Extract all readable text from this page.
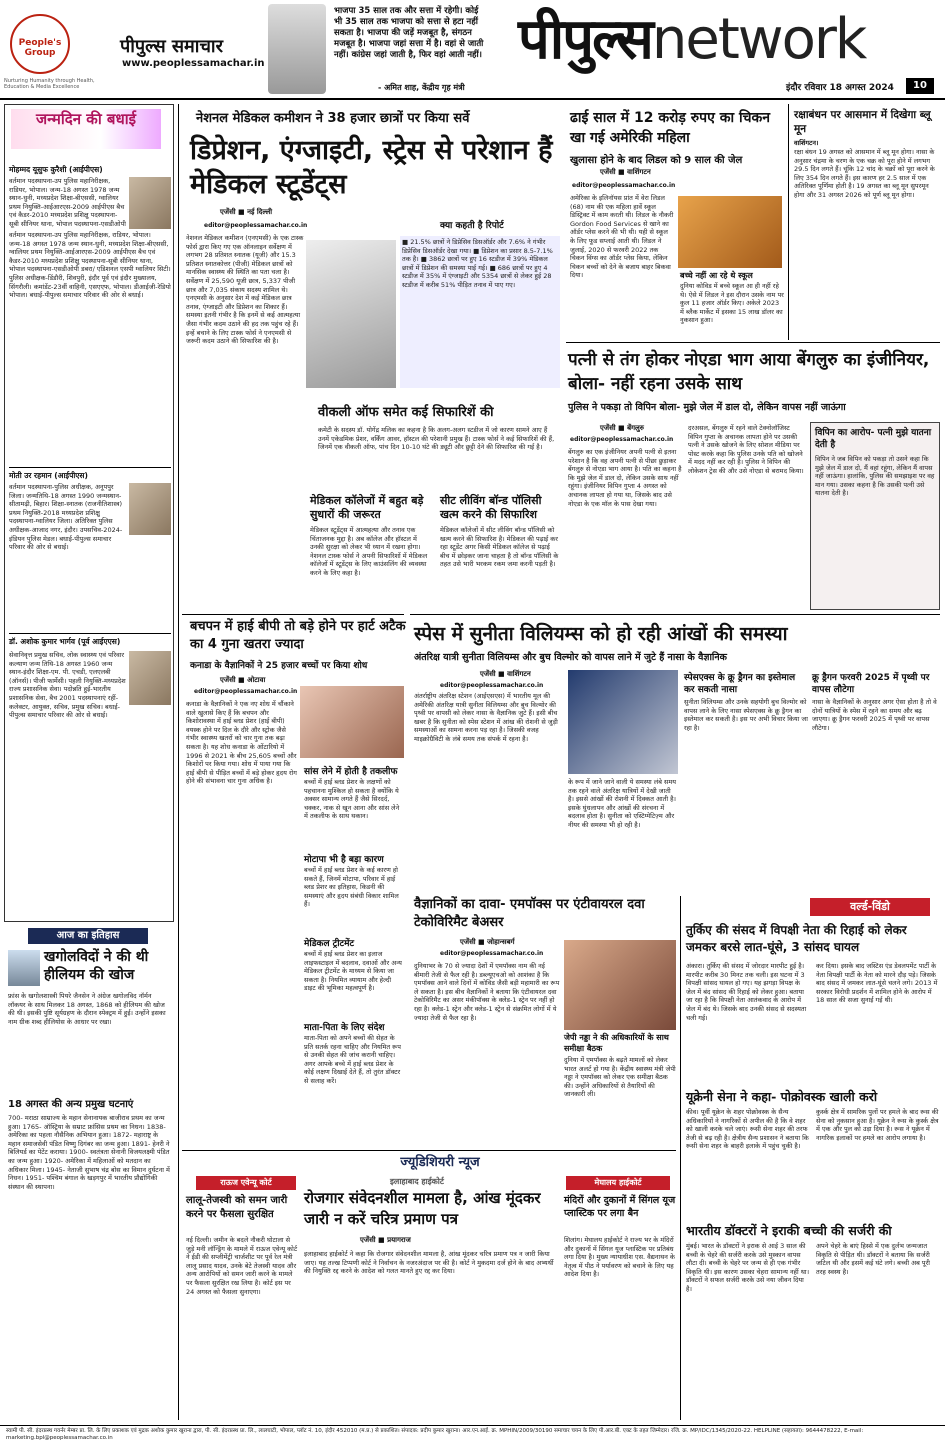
People's Group
Nurturing Humanity through Health, Education & Media Excellence
पीपुल्स समाचार
www.peoplessamachar.in
भाजपा 35 साल तक और सत्ता में रहेगी। कोई भी 35 साल तक भाजपा को सत्ता से हटा नहीं सकता है। भाजपा की जड़ें मजबूत है, संगठन मजबूत है। भाजपा जहां सत्ता में है। वहां से जाती नहीं। कांग्रेस जहां जाती है, फिर वहां आती नहीं।
- अमित शाह, केंद्रीय गृह मंत्री
पीपुल्सnetwork
इंदौर रविवार 18 अगस्त 2024	10
जन्मदिन की बधाई
मोहम्मद यूसुफ कुरैशी (आईपीएस)
वर्तमान पदस्थापना-उप पुलिस महानिरीक्षक, राडियर, भोपाल। जन्म-18 अगस्त 1978 जन्म स्थान-धुनी, मध्यप्रदेश शिक्षा-बीएससी, ग्वालियर प्रथम नियुक्ति-आईआरएस-2009 आईपीएस बैच एवं कैडर-2010 मध्यप्रदेश प्रशिक्षु पदस्थापना-सूबी सीनियर थाना, भोपाल पदस्थापना-एसडीओपी
वर्तमान पदस्थापना-उप पुलिस महानिरीक्षक, राडियर, भोपाल। जन्म-18 अगस्त 1978 जन्म स्थान-धुनी, मध्यप्रदेश शिक्षा-बीएससी, ग्वालियर प्रथम नियुक्ति-आईआरएस-2009 आईपीएस बैच एवं कैडर-2010 मध्यप्रदेश प्रशिक्षु पदस्थापना-सूबी सीनियर थाना, भोपाल पदस्थापना-एसडीओपी डबरा/ एडिशनल एसपी ग्वालियर सिटी। पुलिस अधीक्षक-डिंडौरी, शिवपुरी, इंदौर पूर्व एवं इंदौर मुख्यालय, सिंगरौली। कमांडेंट-23वीं वाहिनी, एसएएफ, भोपाल। डीआईजी-रेडियो भोपाल। बधाई-पीपुल्स समाचार परिवार की ओर से बधाई।
मोती उर रहमान (आईपीएस)
वर्तमान पदस्थापना-पुलिस अधीक्षक, अनूपपुर जिला। जन्मतिथि-18 अगस्त 1990 जन्मस्थान-सीतामढ़ी, बिहार। शिक्षा-स्नातक (राजनीतिशास्त्र) प्रथम नियुक्ति-2018 मध्यप्रदेश प्रशिक्षु पदस्थापना-ग्वालियर जिला। अतिरिक्त पुलिस अधीक्षक-आजाद नगर, इंदौर। उपसचिव-2024-इंडियन पुलिस मेडल। बधाई-पीपुल्स समाचार परिवार की ओर से बधाई।
डॉ. अशोक कुमार भार्गव (पूर्व आईएएस)
सेवानिवृत्त प्रमुख सचिव, लोक स्वास्थ्य एवं परिवार कल्याण जन्म तिथि-18 अगस्त 1960 जन्म स्थान-इंदौर शिक्षा-एम. पी. एचडी, एलएलबी (ऑनर्स)। पीजी फार्मेसी। पहली नियुक्ति-मध्यप्रदेश राज्य प्रशासनिक सेवा। पदोन्नति हुई-भारतीय प्रशासनिक सेवा, बैच 2001 पदस्थापनाएं रहीं-कलेक्टर, आयुक्त, सचिव, प्रमुख सचिव। बधाई-पीपुल्स समाचार परिवार की ओर से बधाई।
आज का इतिहास
खगोलविदों ने की थी हीलियम की खोज
फ्रांस के खगोलशास्त्री पियरे जैनसेन ने अंग्रेज खगोलविद नॉर्मन लॉकयर के साथ मिलकर 18 अगस्त, 1868 को हीलियम की खोज की थी। इसकी पुष्टि सूर्यग्रहण के दौरान स्पेक्ट्रम में हुई। उन्होंने इसका नाम ग्रीक शब्द हीलियोस के आधार पर रखा।
18 अगस्त की अन्य प्रमुख घटनाएं
700- मराठा साम्राज्य के महान सेनानायक बाजीराव प्रथम का जन्म हुआ। 1765- ऑस्ट्रिया के सम्राट फ्रांसिस प्रथम का निधन। 1838- अमेरिका का पहला नौसैनिक अभियान हुआ। 1872- महाराष्ट्र के महान समाजसेवी पंडित विष्णु दिगंबर का जन्म हुआ। 1891- हेनरी ने बिलियर्ड का पेटेंट कराया। 1900- स्वतंत्रता सेनानी विजयलक्ष्मी पंडित का जन्म हुआ। 1920- अमेरिका में महिलाओं को मतदान का अधिकार मिला। 1945- नेताजी सुभाष चंद्र बोस का विमान दुर्घटना में निधन। 1951- पश्चिम बंगाल के खड़गपुर में भारतीय प्रौद्योगिकी संस्थान की स्थापना।
नेशनल मेडिकल कमीशन ने 38 हजार छात्रों पर किया सर्वे
डिप्रेशन, एंग्जाइटी, स्ट्रेस से परेशान हैं मेडिकल स्टूडेंट्स
एजेंसी ■ नई दिल्ली
editor@peoplessamachar.co.in
नेशनल मेडिकल कमीशन (एनएमसी) के एक टास्क फोर्स द्वारा किए गए एक ऑनलाइन सर्वेक्षण में लगभग 28 प्रतिशत स्नातक (यूजी) और 15.3 प्रतिशत स्नातकोत्तर (पीजी) मेडिकल छात्रों को मानसिक स्वास्थ्य की स्थिति का पता चला है। सर्वेक्षण में 25,590 यूजी छात्र, 5,337 पीजी छात्र और 7,035 संकाय सदस्य शामिल थे। एनएमसी के अनुसार देश में कई मेडिकल छात्र तनाव, एंग्जाइटी और डिप्रेशन का शिकार हैं। समस्या इतनी गंभीर है कि इनमें से कई आत्महत्या जैसा गंभीर कदम उठाने की हद तक पहुंच रहे हैं। इन्हें बचाने के लिए टास्क फोर्स ने एनएमसी से जरूरी कदम उठाने की सिफारिश की है।
क्या कहती है रिपोर्ट
■ 21.5% छात्रों ने डिप्रेसिव डिसऑर्डर और 7.6% ने गंभीर डिप्रेसिव डिसऑर्डर देखा गया। ■ डिप्रेशन का प्रसार 8.5-7.1% तक है। ■ 3862 छात्रों पर हुए 16 स्टडीज में 39% मेडिकल छात्रों में डिप्रेशन की समस्या पाई गई। ■ 686 छात्रों पर हुए 4 स्टडीज में 35% में एंग्जाइटी और 5354 छात्रों से लेकर हुई 28 स्टडीज में करीब 51% पीड़ित तनाव में पाए गए।
वीकली ऑफ समेत कई सिफारिशें की
कमेटी के सदस्य डॉ. योगेंद्र मलिक का कहना है कि अलग-अलग स्टडीज में जो कारण सामने आए हैं उनमें एकेडमिक प्रेशर, वर्किंग आवर, हॉस्टल की परेशानी प्रमुख हैं। टास्क फोर्स ने कई सिफारिशें की हैं, जिनमें एक वीकली ऑफ, पांच दिन 10-10 घंटे की ड्यूटी और छुट्टी देने की सिफारिश की गई है।
मेडिकल कॉलेजों में बहुत बड़े सुधारों की जरूरत
मेडिकल स्टूडेंट्स में आत्महत्या और तनाव एक चिंताजनक मुद्दा है। अब कॉलेज और हॉस्टल में उनकी सुरक्षा को लेकर भी ध्यान में रखना होगा। नेशनल टास्क फोर्स ने अपनी सिफारिशों में मेडिकल कॉलेजों में स्टूडेंट्स के लिए काउंसलिंग की व्यवस्था करने के लिए कहा है।
सीट लीविंग बॉन्ड पॉलिसी खत्म करने की सिफारिश
मेडिकल कॉलेजों में सीट लीविंग बॉन्ड पॉलिसी को खत्म करने की सिफारिश है। मेडिकल की पढ़ाई कर रहा स्टूडेंट अगर किसी मेडिकल कॉलेज से पढ़ाई बीच में छोड़कर जाना चाहता है तो बॉन्ड पॉलिसी के तहत उसे भारी भरकम रकम जमा करनी पड़ती है।
ढाई साल में 12 करोड़ रुपए का चिकन खा गई अमेरिकी महिला
खुलासा होने के बाद लिडल को 9 साल की जेल
एजेंसी ■ वाशिंगटन
editor@peoplessamachar.co.in
अमेरिका के इलिनॉयस प्रांत में वेरा लिडल (68) नाम की एक महिला हार्वे स्कूल डिस्ट्रिक्ट में काम करती थी। लिडल के नौकरी Gordon Food Services से खाने का ऑर्डर प्लेस करने की भी थी। यही से स्कूल के लिए फूड सप्लाई आती थी। लिडल ने जुलाई, 2020 से फरवरी 2022 तक चिकन विंग्स का ऑर्डर प्लेस किया, लेकिन चिकन बच्चों को देने के बजाय बाहर बिकवा दिया।	बच्चे नहीं आ रहे थे स्कूल
दुनिया कोविड में बच्चे स्कूल आ ही नहीं रहे थे। ऐसे में लिडल ने इस दौरान उसके नाम पर कुल 11 हजार ऑर्डर किए। अकेले 2023 में ब्लैक मार्केट में इसका 15 लाख डॉलर का नुकसान हुआ।
रक्षाबंधन पर आसमान में दिखेगा ब्लू मून
वाशिंगटन।
रक्षा बंधन 19 अगस्त को आसमान में ब्लू मून होगा। नासा के अनुसार चंद्रमा के चरण के एक चक्र को पूरा होने में लगभग 29.5 दिन लगते हैं। चूंकि 12 चांद के चक्रों को पूरा करने के लिए 354 दिन लगते हैं। इस कारण हर 2.5 साल में एक अतिरिक्त पूर्णिमा होती है। 19 अगस्त का ब्लू मून सुपरमून होगा और 31 अगस्त 2026 को पूर्ण ब्लू मून होगा।
पत्नी से तंग होकर नोएडा भाग आया बेंगलुरु का इंजीनियर, बोला- नहीं रहना उसके साथ
पुलिस ने पकड़ा तो विपिन बोला- मुझे जेल में डाल दो, लेकिन वापस नहीं जाऊंगा
एजेंसी ■ बेंगलुरु
editor@peoplessamachar.co.in
बेंगलुरु का एक इंजीनियर अपनी पत्नी से इतना परेशान है कि वह अपनी पत्नी से पीछा छुड़ाकर बेंगलुरु से नोएडा भाग आया है। पति का कहना है कि मुझे जेल में डाल दो, लेकिन उसके साथ नहीं रहूंगा। इंजीनियर विपिन गुप्ता 4 अगस्त को अचानक लापता हो गया था, जिसके बाद उसे नोएडा के एक मॉल के पास देखा गया।
दरअसल, बेंगलुरु में रहने वाले टेक्नोलॉजिस्ट विपिन गुप्ता के अचानक लापता होने पर उसकी पत्नी ने उसके खोजने के लिए सोशल मीडिया पर पोस्ट करके कहा कि पुलिस उनके पति को खोजने में मदद नहीं कर रही है। पुलिस ने विपिन की लोकेशन ट्रेस की और उसे नोएडा से बरामद किया।
विपिन का आरोप- पत्नी मुझे यातना देती है
विपिन ने जब विपिन को पकड़ा तो उसने कहा कि मुझे जेल में डाल दो, मैं वहां रहूंगा, लेकिन मैं वापस नहीं जाऊंगा। हालांकि, पुलिस की समझाइश पर वह मान गया। उसका कहना है कि उसकी पत्नी उसे यातना देती है।
बचपन में हाई बीपी तो बड़े होने पर हार्ट अटैक का 4 गुना खतरा ज्यादा
कनाडा के वैज्ञानिकों ने 25 हजार बच्चों पर किया शोध
एजेंसी ■ ओटावा
editor@peoplessamachar.co.in
कनाडा के वैज्ञानिकों ने एक नए शोध में चौंकाने वाले खुलासे किए हैं कि बचपन और किशोरावस्था में हाई ब्लड प्रेशर (हाई बीपी) वयस्क होने पर दिल के दौरे और स्ट्रोक जैसे गंभीर स्वास्थ्य खतरों को चार गुना तक बढ़ा सकता है। यह शोध कनाडा के ओंटारियो में 1996 से 2021 के बीच 25,605 बच्चों और किशोरों पर किया गया। शोध में पाया गया कि हाई बीपी से पीड़ित बच्चों में बड़े होकर हृदय रोग होने की संभावना चार गुना अधिक है।
सांस लेने में होती है तकलीफ
बच्चों में हाई ब्लड प्रेशर के लक्षणों को पहचानना मुश्किल हो सकता है क्योंकि ये अक्सर सामान्य लगते हैं जैसे सिरदर्द, चक्कर, नाक से खून आना और सांस लेने में तकलीफ के साथ थकान।
मोटापा भी है बड़ा कारण
बच्चों में हाई ब्लड प्रेशर के कई कारण हो सकते हैं, जिनमें मोटापा, परिवार में हाई ब्लड प्रेशर का इतिहास, किडनी की समस्याएं और हृदय संबंधी विकार शामिल हैं।
मेडिकल ट्रीटमेंट
बच्चों में हाई ब्लड प्रेशर का इलाज लाइफस्टाइल में बदलाव, दवाओं और अन्य मेडिकल ट्रीटमेंट के माध्यम से किया जा सकता है। नियमित व्यायाम और हेल्दी डाइट की भूमिका महत्वपूर्ण है।
माता-पिता के लिए संदेश
माता-पिता को अपने बच्चों की सेहत के प्रति सतर्क रहना चाहिए और नियमित रूप से उनकी सेहत की जांच करानी चाहिए। अगर आपके बच्चे में हाई ब्लड प्रेशर के कोई लक्षण दिखाई देते हैं, तो तुरंत डॉक्टर से सलाह करें।
स्पेस में सुनीता विलियम्स को हो रही आंखों की समस्या
अंतरिक्ष यात्री सुनीता विलियम्स और बुच विल्मोर को वापस लाने में जुटे हैं नासा के वैज्ञानिक
एजेंसी ■ वाशिंगटन
editor@peoplessamachar.co.in
अंतर्राष्ट्रीय अंतरिक्ष स्टेशन (आईएसएस) में भारतीय मूल की अमेरिकी अंतरिक्ष यात्री सुनीता विलियम्स और बुच विल्मोर की पृथ्वी पर वापसी को लेकर नासा के वैज्ञानिक जुटे हैं। इसी बीच खबर है कि सुनीता को स्पेस स्टेशन में आंख की रोशनी से जुड़ी समस्याओं का सामना करना पड़ रहा है। जिसकी वजह माइक्रोग्रैविटी के लंबे समय तक संपर्क में रहना है।
के रूप में जाने जाने वाली ये समस्या लंबे समय तक रहने वाले अंतरिक्ष यात्रियों में देखी जाती है। इससे आंखों की रोशनी में दिक्कत आती है। इसके घुंधलापन और आंखों की संरचना में बदलाव होता है। सुनीता को एस्टिग्मेटिज़्म और नीयर की समस्या भी हो रही है।
स्पेसएक्स के क्रू ड्रैगन का इस्तेमाल कर सकती नासा
सुनीता विलियम्स और उनके सहयोगी बुच विल्मोर को वापस लाने के लिए नासा स्पेसएक्स के क्रू ड्रैगन का इस्तेमाल कर सकती है। इस पर अभी विचार किया जा रहा है।
क्रू ड्रैगन फरवरी 2025 में पृथ्वी पर वापस लौटेगा
नासा के वैज्ञानिकों के अनुसार अगर ऐसा होता है तो वे दोनों यात्रियों के स्पेस में रहने का समय और बढ़ जाएगा। क्रू ड्रैगन फरवरी 2025 में पृथ्वी पर वापस लौटेगा।
वैज्ञानिकों का दावा- एमपॉक्स पर एंटीवायरल दवा टेकोविरिमैट बेअसर
एजेंसी ■ जोहान्सबर्ग
editor@peoplessamachar.co.in
दुनियाभर के 70 से ज्यादा देशों में एमपॉक्स नाम की नई बीमारी तेजी से फैल रही है। डब्ल्यूएचओ को आशंका है कि एमपॉक्स आने वाले दिनों में कोविड जैसी बड़ी महामारी का रूप ले सकता है। इस बीच वैज्ञानिकों ने बताया कि एंटीवायरल दवा टेकोविरिमैट का असर मंकीपॉक्स के क्लेड-1 स्ट्रेन पर नहीं हो रहा है। क्लेड-1 स्ट्रेन और क्लेड-1 स्ट्रेन से संक्रमित लोगों में ये ज्यादा तेजी से फैल रहा है।
जेपी नड्डा ने की अधिकारियों के साथ समीक्षा बैठक
दुनिया में एमपॉक्स के बढ़ते मामलों को लेकर भारत अलर्ट हो गया है। केंद्रीय स्वास्थ्य मंत्री जेपी नड्डा ने एमपॉक्स को लेकर एक समीक्षा बैठक की। उन्होंने अधिकारियों से तैयारियों की जानकारी ली।
वर्ल्ड-विंडो
तुर्किए की संसद में विपक्षी नेता की रिहाई को लेकर जमकर बरसे लात-घूंसे, 3 सांसद घायल
अंकारा। तुर्किए की संसद में जोरदार मारपीट हुई है। मारपीट करीब 30 मिनट तक चली। इस घटना में 3 विपक्षी सांसद घायल हो गए। यह झगड़ा विपक्ष के जेल में बंद सांसद की रिहाई को लेकर हुआ। बताया जा रहा है कि विपक्षी नेता आतंकवाद के आरोप में जेल में बंद थे। जिसके बाद उनकी संसद से सदस्यता चली गई।
कर दिया। इसके बाद जस्टिस एंड डेवलपमेंट पार्टी के नेता विपक्षी पार्टी के नेता को मारने दौड़ पड़े। जिसके बाद संसद में जमकर लात-घूंसे चलने लगे। 2013 में सरकार विरोधी प्रदर्शन में शामिल होने के आरोप में 18 साल की सजा सुनाई गई थी।
यूक्रेनी सेना ने कहा- पोक्रोवस्क खाली करो
कीव। पूर्वी यूक्रेन के शहर पोक्रोवस्क के सैन्य अधिकारियों ने नागरिकों से अपील की है कि वे शहर को खाली करके चले जाएं। रूसी सेना शहर की तरफ तेजी से बढ़ रही है। क्षेत्रीय सैन्य प्रशासन ने बताया कि रूसी सेना शहर के बाहरी इलाके में पहुंच चुकी है।
कुर्स्क क्षेत्र में सामरिक पुलों पर हमले के बाद रूस की सेना को नुकसान हुआ है। यूक्रेन ने रूस के कुर्स्क क्षेत्र में एक और पुल को उड़ा दिया है। रूस ने यूक्रेन में नागरिक इलाकों पर हमले का आरोप लगाया है।
भारतीय डॉक्टरों ने इराकी बच्ची की सर्जरी की
मुंबई। भारत के डॉक्टरों ने इराक से आई 3 साल की बच्ची के चेहरे की सर्जरी करके उसे मुस्कान वापस लौटा दी। बच्ची के चेहरे पर जन्म से ही एक गंभीर विकृति थी। इस कारण उसका चेहरा सामान्य नहीं था। डॉक्टरों ने सफल सर्जरी करके उसे नया जीवन दिया है।
अपने चेहरे के बाएं हिस्से में एक दुर्लभ जन्मजात विकृति से पीड़ित थी। डॉक्टरों ने बताया कि सर्जरी जटिल थी और इसमें कई घंटे लगे। बच्ची अब पूरी तरह स्वस्थ है।
ज्यूडिशियरी न्यूज
राऊज एवेन्यू कोर्ट
लालू-तेजस्वी को समन जारी करने पर फैसला सुरक्षित
नई दिल्ली। जमीन के बदले नौकरी घोटाला से जुड़े मनी लॉन्ड्रिंग के मामले में राऊज एवेन्यू कोर्ट ने ईडी की सप्लीमेंट्री चार्जशीट पर पूर्व रेल मंत्री लालू प्रसाद यादव, उनके बेटे तेजस्वी यादव और अन्य आरोपियों को समन जारी करने के मामले पर फैसला सुरक्षित रख लिया है। कोर्ट इस पर 24 अगस्त को फैसला सुनाएगा।
इलाहाबाद हाईकोर्ट
रोजगार संवेदनशील मामला है, आंख मूंदकर जारी न करें चरित्र प्रमाण पत्र
एजेंसी ■ प्रयागराज
इलाहाबाद हाईकोर्ट ने कहा कि रोजगार संवेदनशील मामला है, आंख मूंदकर चरित्र प्रमाण पत्र न जारी किया जाए। यह तल्ख टिप्पणी कोर्ट ने निर्वाचन के नजरअंदाज पर की है। कोर्ट ने मुकदमा दर्ज होने के बाद अभ्यर्थी की नियुक्ति रद्द करने के आदेश को गलत मानते हुए रद्द कर दिया।
मेघालय हाईकोर्ट
मंदिरों और दुकानों में सिंगल यूज प्लास्टिक पर लगा बैन
शिलांग। मेघालय हाईकोर्ट ने राज्य भर के मंदिरों और दुकानों में सिंगल यूज प्लास्टिक पर प्रतिबंध लगा दिया है। मुख्य न्यायाधीश एस. वैद्यनाथन के नेतृत्व में पीठ ने पर्यावरण को बचाने के लिए यह आदेश दिया है।
स्वामी पी. सी. इंदरप्रस्थ गवर्नर मेम्बर प्रा. लि. के लिए प्रकाशक एवं मुद्रक अशोक कुमार खुराना द्वारा, पी. सी. इंदरप्रस्थ प्रा. लि., लालघाटी, भोपाल, प्लॉट नं. 10, इंदौर 452010 (म.प्र.) से प्रकाशित। संपादक: प्रदीप कुमार खुराना। आर.एन.आई. क्र. MPHIN/2009/30190 समाचार चयन के लिए पी.आर.बी. एक्ट के तहत जिम्मेदार। रजि. क्र. MP/IDC/1345/2020-22. HELPLINE (सहायता): 9644478222, E-mail: marketing.bpl@peoplessamachar.co.in
